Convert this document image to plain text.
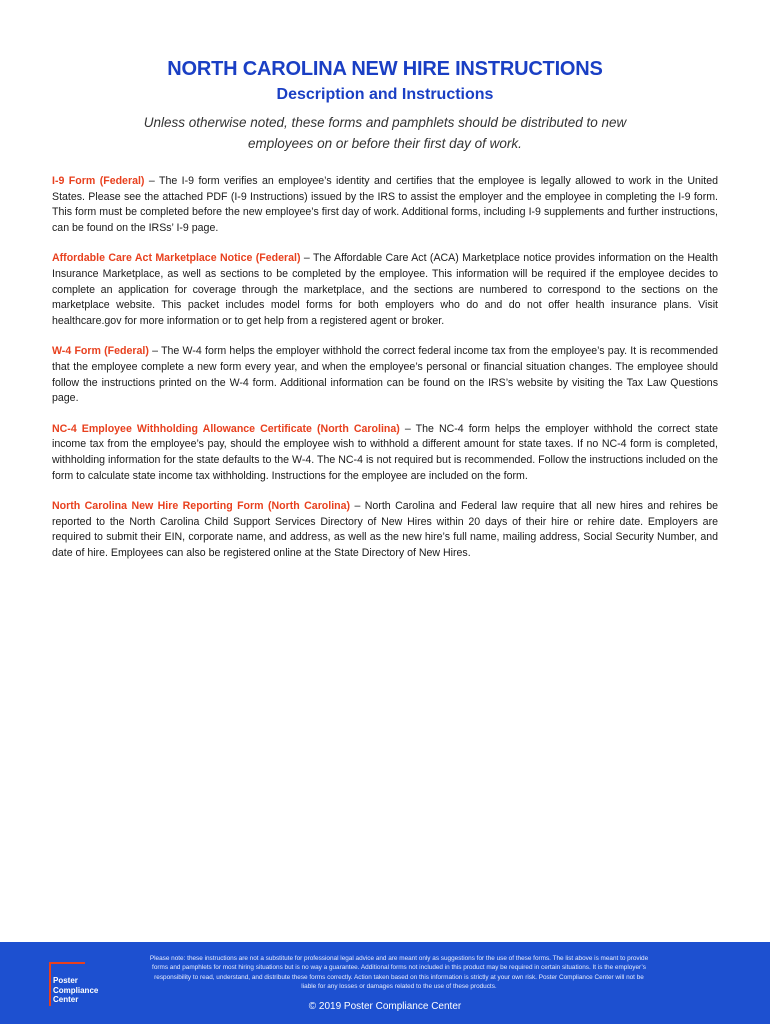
NORTH CAROLINA NEW HIRE INSTRUCTIONS
Description and Instructions
Unless otherwise noted, these forms and pamphlets should be distributed to new employees on or before their first day of work.

I-9 Form (Federal) – The I-9 form verifies an employee’s identity and certifies that the employee is legally allowed to work in the United States. Please see the attached PDF (I-9 Instructions) issued by the IRS to assist the employer and the employee in completing the I-9 form. This form must be completed before the new employee’s first day of work. Additional forms, including I-9 supplements and further instructions, can be found on the IRSs’ I-9 page.

Affordable Care Act Marketplace Notice (Federal) – The Affordable Care Act (ACA) Marketplace notice provides information on the Health Insurance Marketplace, as well as sections to be completed by the employee. This information will be required if the employee decides to complete an application for coverage through the marketplace, and the sections are numbered to correspond to the sections on the marketplace website. This packet includes model forms for both employers who do and do not offer health insurance plans. Visit healthcare.gov for more information or to get help from a registered agent or broker.

W-4 Form (Federal) – The W-4 form helps the employer withhold the correct federal income tax from the employee’s pay. It is recommended that the employee complete a new form every year, and when the employee’s personal or financial situation changes. The employee should follow the instructions printed on the W-4 form. Additional information can be found on the IRS’s website by visiting the Tax Law Questions page.

NC-4 Employee Withholding Allowance Certificate (North Carolina) – The NC-4 form helps the employer withhold the correct state income tax from the employee’s pay, should the employee wish to withhold a different amount for state taxes. If no NC-4 form is completed, withholding information for the state defaults to the W-4. The NC-4 is not required but is recommended. Follow the instructions included on the form to calculate state income tax withholding. Instructions for the employee are included on the form.

North Carolina New Hire Reporting Form (North Carolina) – North Carolina and Federal law require that all new hires and rehires be reported to the North Carolina Child Support Services Directory of New Hires within 20 days of their hire or rehire date. Employers are required to submit their EIN, corporate name, and address, as well as the new hire’s full name, mailing address, Social Security Number, and date of hire. Employees can also be registered online at the State Directory of New Hires.

Poster
Compliance
Center
Please note: these instructions are not a substitute for professional legal advice and are meant only as suggestions for the use of these forms. The list above is meant to provide forms and pamphlets for most hiring situations but is no way a guarantee. Additional forms not included in this product may be required in certain situations. It is the employer’s responsibility to read, understand, and distribute these forms correctly. Action taken based on this information is strictly at your own risk. Poster Compliance Center will not be liable for any losses or damages related to the use of these products.
© 2019 Poster Compliance Center
